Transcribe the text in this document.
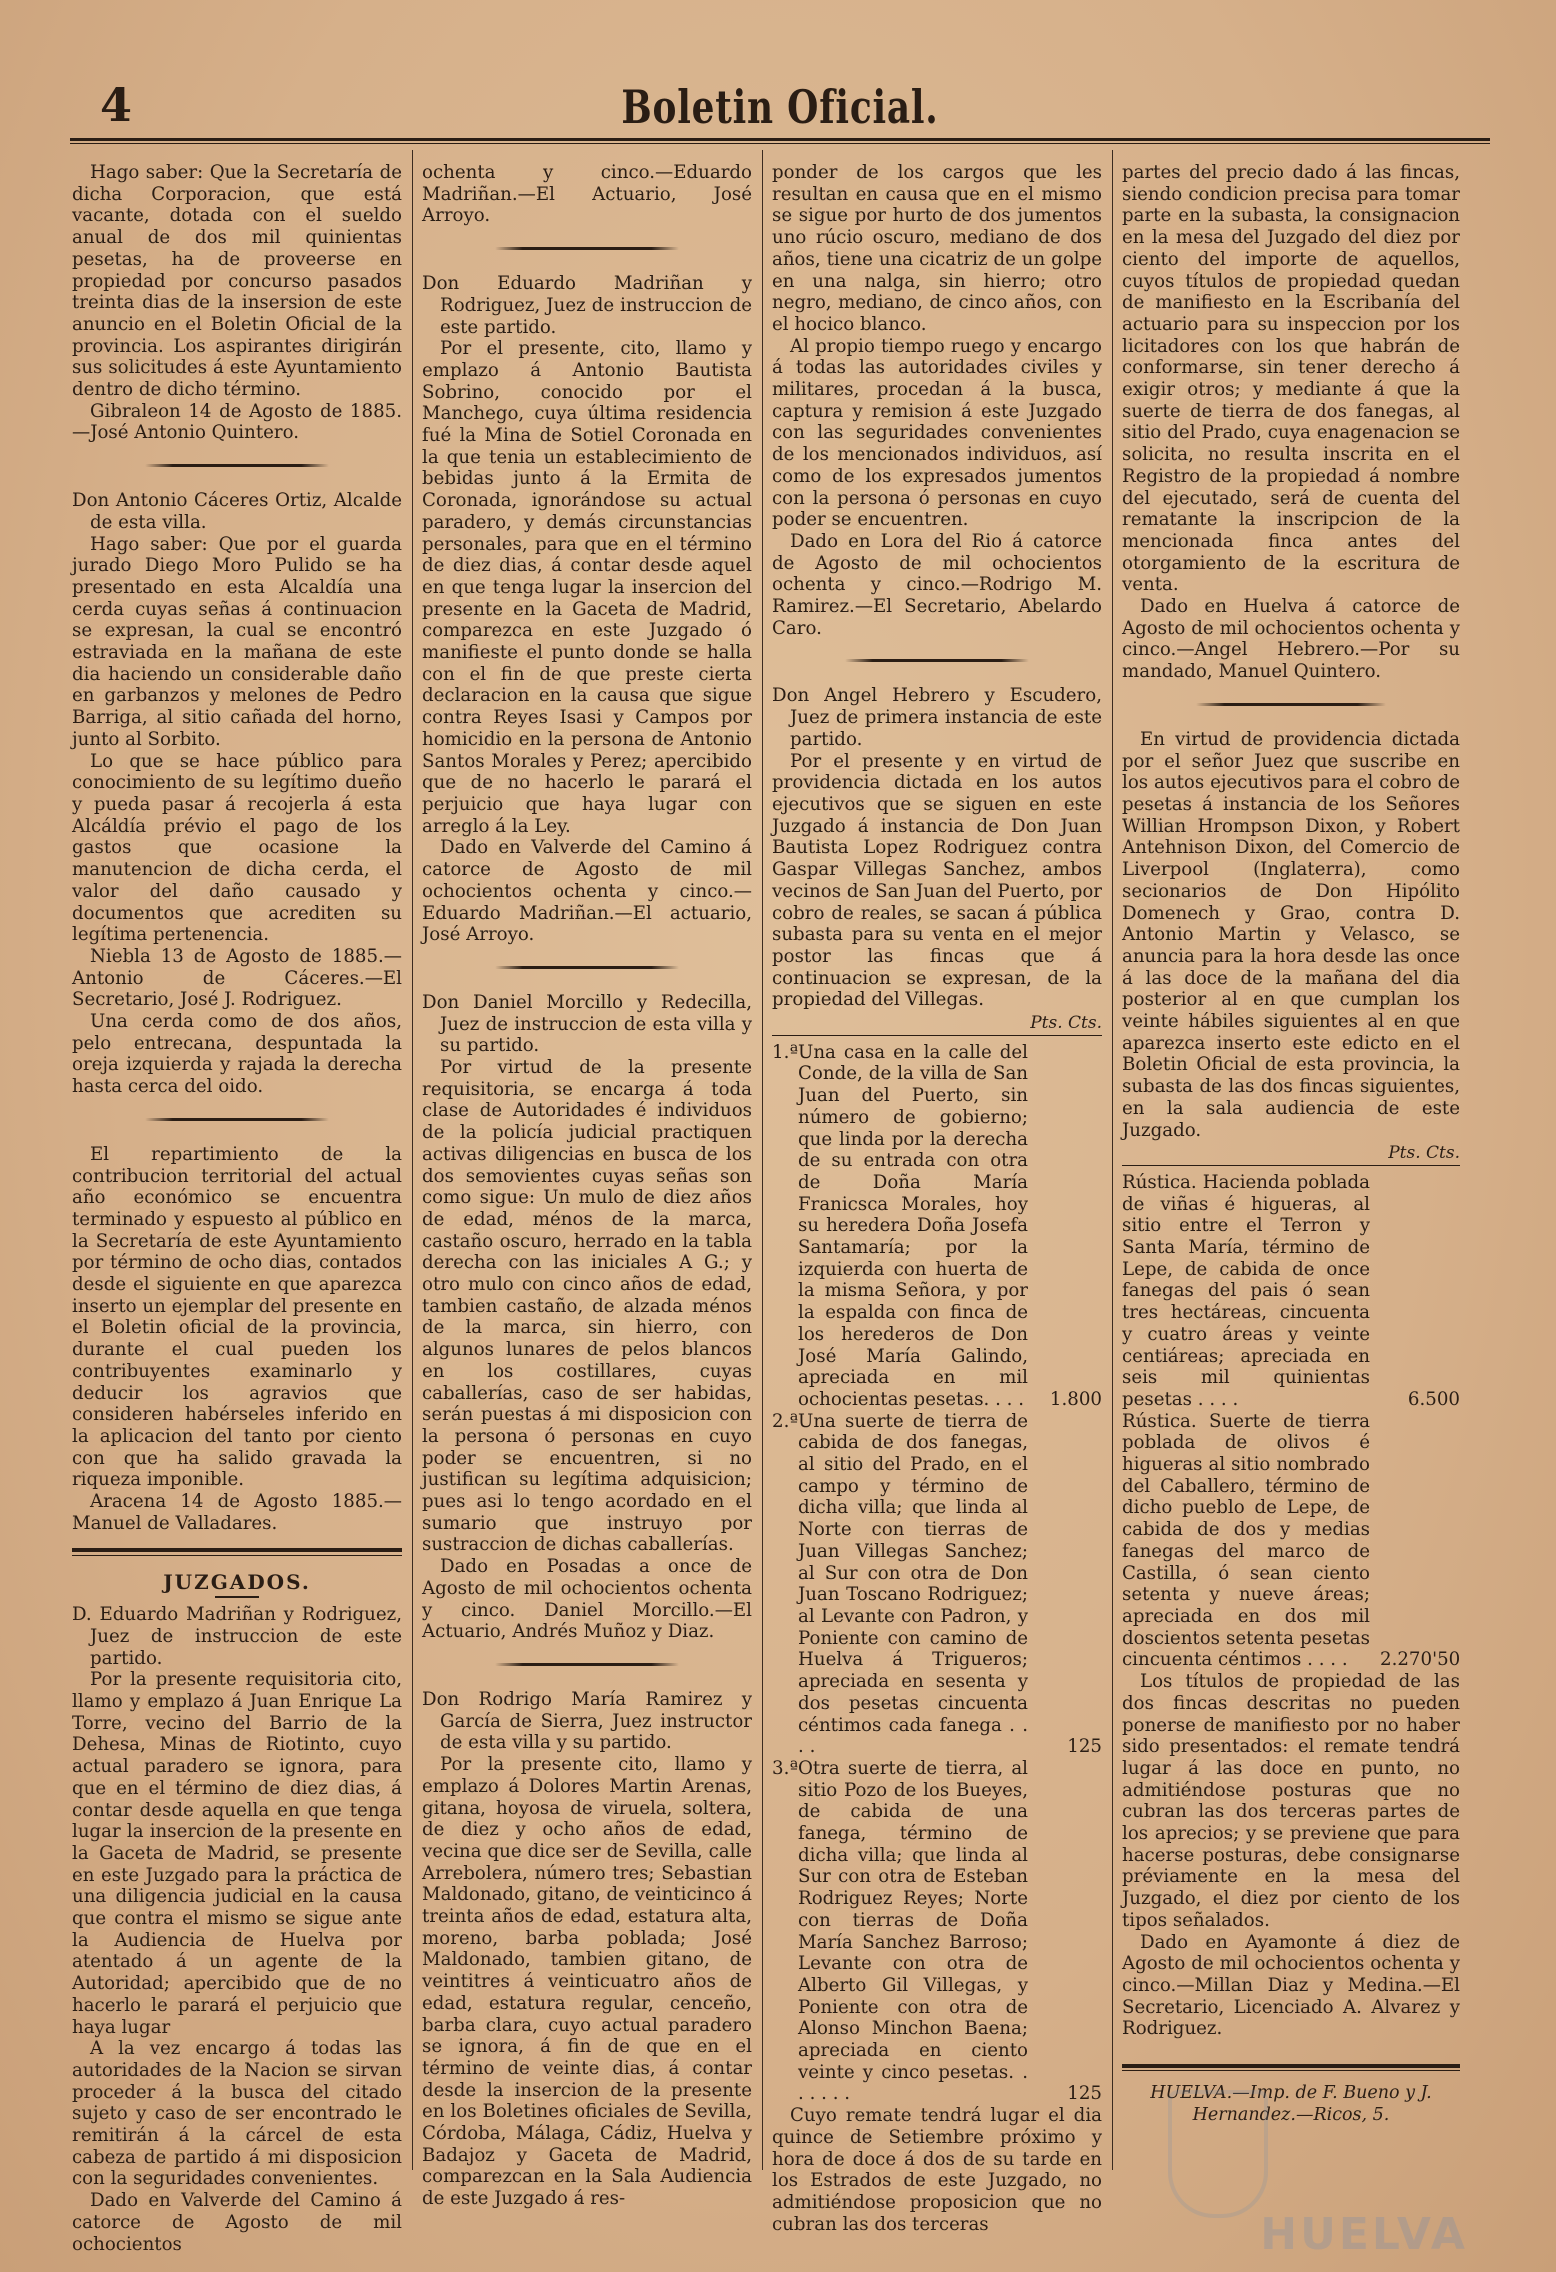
4	Boletin Oficial.

Hago saber: Que la Secretaría de dicha Corporacion, que está vacante, dotada con el sueldo anual de dos mil quinientas pesetas, ha de proveerse en propiedad por concurso pasados treinta dias de la insersion de este anuncio en el Boletin Oficial de la provincia. Los aspirantes dirigirán sus solicitudes á este Ayuntamiento dentro de dicho término.

Gibraleon 14 de Agosto de 1885. —José Antonio Quintero.

Don Antonio Cáceres Ortiz, Alcalde de esta villa.

Hago saber: Que por el guarda jurado Diego Moro Pulido se ha presentado en esta Alcaldía una cerda cuyas señas á continuacion se expresan, la cual se encontró estraviada en la mañana de este dia haciendo un considerable daño en garbanzos y melones de Pedro Barriga, al sitio cañada del horno, junto al Sorbito.

Lo que se hace público para conocimiento de su legítimo dueño y pueda pasar á recojerla á esta Alcáldía prévio el pago de los gastos que ocasione la manutencion de dicha cerda, el valor del daño causado y documentos que acrediten su legítima pertenencia.

Niebla 13 de Agosto de 1885.— Antonio de Cáceres.—El Secretario, José J. Rodriguez.

Una cerda como de dos años, pelo entrecana, despuntada la oreja izquierda y rajada la derecha hasta cerca del oido.

El repartimiento de la contribucion territorial del actual año económico se encuentra terminado y espuesto al público en la Secretaría de este Ayuntamiento por término de ocho dias, contados desde el siguiente en que aparezca inserto un ejemplar del presente en el Boletin oficial de la provincia, durante el cual pueden los contribuyentes examinarlo y deducir los agravios que consideren habérseles inferido en la aplicacion del tanto por ciento con que ha salido gravada la riqueza imponible.

Aracena 14 de Agosto 1885.— Manuel de Valladares.

JUZGADOS.

D. Eduardo Madriñan y Rodriguez, Juez de instruccion de este partido.

Por la presente requisitoria cito, llamo y emplazo á Juan Enrique La Torre, vecino del Barrio de la Dehesa, Minas de Riotinto, cuyo actual paradero se ignora, para que en el término de diez dias, á contar desde aquella en que tenga lugar la insercion de la presente en la Gaceta de Madrid, se presente en este Juzgado para la práctica de una diligencia judicial en la causa que contra el mismo se sigue ante la Audiencia de Huelva por atentado á un agente de la Autoridad; apercibido que de no hacerlo le parará el perjuicio que haya lugar

A la vez encargo á todas las autoridades de la Nacion se sirvan proceder á la busca del citado sujeto y caso de ser encontrado le remitirán á la cárcel de esta cabeza de partido á mi disposicion con la seguridades convenientes.

Dado en Valverde del Camino á catorce de Agosto de mil ochocientos

ochenta y cinco.—Eduardo Madriñan.—El Actuario, José Arroyo.

Don Eduardo Madriñan y Rodriguez, Juez de instruccion de este partido.

Por el presente, cito, llamo y emplazo á Antonio Bautista Sobrino, conocido por el Manchego, cuya última residencia fué la Mina de Sotiel Coronada en la que tenia un establecimiento de bebidas junto á la Ermita de Coronada, ignorándose su actual paradero, y demás circunstancias personales, para que en el término de diez dias, á contar desde aquel en que tenga lugar la insercion del presente en la Gaceta de Madrid, comparezca en este Juzgado ó manifieste el punto donde se halla con el fin de que preste cierta declaracion en la causa que sigue contra Reyes Isasi y Campos por homicidio en la persona de Antonio Santos Morales y Perez; apercibido que de no hacerlo le parará el perjuicio que haya lugar con arreglo á la Ley.

Dado en Valverde del Camino á catorce de Agosto de mil ochocientos ochenta y cinco.—Eduardo Madriñan.—El actuario, José Arroyo.

Don Daniel Morcillo y Redecilla, Juez de instruccion de esta villa y su partido.

Por virtud de la presente requisitoria, se encarga á toda clase de Autoridades é individuos de la policía judicial practiquen activas diligencias en busca de los dos semovientes cuyas señas son como sigue: Un mulo de diez años de edad, ménos de la marca, castaño oscuro, herrado en la tabla derecha con las iniciales A G.; y otro mulo con cinco años de edad, tambien castaño, de alzada ménos de la marca, sin hierro, con algunos lunares de pelos blancos en los costillares, cuyas caballerías, caso de ser habidas, serán puestas á mi disposicion con la persona ó personas en cuyo poder se encuentren, si no justifican su legítima adquisicion; pues asi lo tengo acordado en el sumario que instruyo por sustraccion de dichas caballerías.

Dado en Posadas a once de Agosto de mil ochocientos ochenta y cinco. Daniel Morcillo.—El Actuario, Andrés Muñoz y Diaz.

Don Rodrigo María Ramirez y García de Sierra, Juez instructor de esta villa y su partido.

Por la presente cito, llamo y emplazo á Dolores Martin Arenas, gitana, hoyosa de viruela, soltera, de diez y ocho años de edad, vecina que dice ser de Sevilla, calle Arrebolera, número tres; Sebastian Maldonado, gitano, de veinticinco á treinta años de edad, estatura alta, moreno, barba poblada; José Maldonado, tambien gitano, de veintitres á veinticuatro años de edad, estatura regular, cenceño, barba clara, cuyo actual paradero se ignora, á fin de que en el término de veinte dias, á contar desde la insercion de la presente en los Boletines oficiales de Sevilla, Córdoba, Málaga, Cádiz, Huelva y Badajoz y Gaceta de Madrid, comparezcan en la Sala Audiencia de este Juzgado á res-

ponder de los cargos que les resultan en causa que en el mismo se sigue por hurto de dos jumentos uno rúcio oscuro, mediano de dos años, tiene una cicatriz de un golpe en una nalga, sin hierro; otro negro, mediano, de cinco años, con el hocico blanco.

Al propio tiempo ruego y encargo á todas las autoridades civiles y militares, procedan á la busca, captura y remision á este Juzgado con las seguridades convenientes de los mencionados individuos, así como de los expresados jumentos con la persona ó personas en cuyo poder se encuentren.

Dado en Lora del Rio á catorce de Agosto de mil ochocientos ochenta y cinco.—Rodrigo M. Ramirez.—El Secretario, Abelardo Caro.

Don Angel Hebrero y Escudero, Juez de primera instancia de este partido.

Por el presente y en virtud de providencia dictada en los autos ejecutivos que se siguen en este Juzgado á instancia de Don Juan Bautista Lopez Rodriguez contra Gaspar Villegas Sanchez, ambos vecinos de San Juan del Puerto, por cobro de reales, se sacan á pública subasta para su venta en el mejor postor las fincas que á continuacion se expresan, de la propiedad del Villegas.

Pts. Cts.
1.ª Una casa en la calle del Conde, de la villa de San Juan del Puerto, sin número de gobierno; que linda por la derecha de su entrada con otra de Doña María Franicsca Morales, hoy su heredera Doña Josefa Santamaría; por la izquierda con huerta de la misma Señora, y por la espalda con finca de los herederos de Don José María Galindo, apreciada en mil ochocientas pesetas. . . .	1.800
2.ª Una suerte de tierra de cabida de dos fanegas, al sitio del Prado, en el campo y término de dicha villa; que linda al Norte con tierras de Juan Villegas Sanchez; al Sur con otra de Don Juan Toscano Rodriguez; al Levante con Padron, y Poniente con camino de Huelva á Trigueros; apreciada en sesenta y dos pesetas cincuenta céntimos cada fanega . . . .	125
3.ª Otra suerte de tierra, al sitio Pozo de los Bueyes, de cabida de una fanega, término de dicha villa; que linda al Sur con otra de Esteban Rodriguez Reyes; Norte con tierras de Doña María Sanchez Barroso; Levante con otra de Alberto Gil Villegas, y Poniente con otra de Alonso Minchon Baena; apreciada en ciento veinte y cinco pesetas. . . . . . .	125

Cuyo remate tendrá lugar el dia quince de Setiembre próximo y hora de doce á dos de su tarde en los Estrados de este Juzgado, no admitiéndose proposicion que no cubran las dos terceras

partes del precio dado á las fincas, siendo condicion precisa para tomar parte en la subasta, la consignacion en la mesa del Juzgado del diez por ciento del importe de aquellos, cuyos títulos de propiedad quedan de manifiesto en la Escribanía del actuario para su inspeccion por los licitadores con los que habrán de conformarse, sin tener derecho á exigir otros; y mediante á que la suerte de tierra de dos fanegas, al sitio del Prado, cuya enagenacion se solicita, no resulta inscrita en el Registro de la propiedad á nombre del ejecutado, será de cuenta del rematante la inscripcion de la mencionada finca antes del otorgamiento de la escritura de venta.

Dado en Huelva á catorce de Agosto de mil ochocientos ochenta y cinco.—Angel Hebrero.—Por su mandado, Manuel Quintero.

En virtud de providencia dictada por el señor Juez que suscribe en los autos ejecutivos para el cobro de pesetas á instancia de los Señores Willian Hrompson Dixon, y Robert Antehnison Dixon, del Comercio de Liverpool (Inglaterra), como secionarios de Don Hipólito Domenech y Grao, contra D. Antonio Martin y Velasco, se anuncia para la hora desde las once á las doce de la mañana del dia posterior al en que cumplan los veinte hábiles siguientes al en que aparezca inserto este edicto en el Boletin Oficial de esta provincia, la subasta de las dos fincas siguientes, en la sala audiencia de este Juzgado.

Pts. Cts.
Rústica. Hacienda poblada de viñas é higueras, al sitio entre el Terron y Santa María, término de Lepe, de cabida de once fanegas del pais ó sean tres hectáreas, cincuenta y cuatro áreas y veinte centiáreas; apreciada en seis mil quinientas pesetas . . . .	6.500
Rústica. Suerte de tierra poblada de olivos é higueras al sitio nombrado del Caballero, término de dicho pueblo de Lepe, de cabida de dos y medias fanegas del marco de Castilla, ó sean ciento setenta y nueve áreas; apreciada en dos mil doscientos setenta pesetas cincuenta céntimos . . . .	2.270'50

Los títulos de propiedad de las dos fincas descritas no pueden ponerse de manifiesto por no haber sido presentados: el remate tendrá lugar á las doce en punto, no admitiéndose posturas que no cubran las dos terceras partes de los aprecios; y se previene que para hacerse posturas, debe consignarse préviamente en la mesa del Juzgado, el diez por ciento de los tipos señalados.

Dado en Ayamonte á diez de Agosto de mil ochocientos ochenta y cinco.—Millan Diaz y Medina.—El Secretario, Licenciado A. Alvarez y Rodriguez.

HUELVA.—Imp. de F. Bueno y J. Hernandez.—Ricos, 5.
HUELVA
